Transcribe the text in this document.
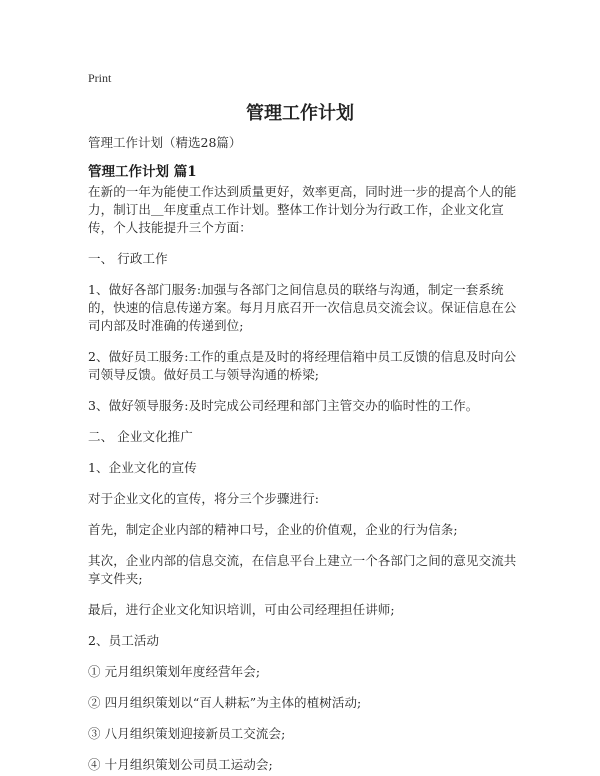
Print
管理工作计划

管理工作计划（精选28篇）

管理工作计划 篇1

在新的一年为能使工作达到质量更好，效率更高，同时进一步的提高个人的能力，制订出＿年度重点工作计划。整体工作计划分为行政工作，企业文化宣传，个人技能提升三个方面：

一、 行政工作

1、做好各部门服务:加强与各部门之间信息员的联络与沟通，制定一套系统的，快速的信息传递方案。每月月底召开一次信息员交流会议。保证信息在公司内部及时准确的传递到位;

2、做好员工服务:工作的重点是及时的将经理信箱中员工反馈的信息及时向公司领导反馈。做好员工与领导沟通的桥梁;

3、做好领导服务:及时完成公司经理和部门主管交办的临时性的工作。

二、 企业文化推广

1、企业文化的宣传

对于企业文化的宣传，将分三个步骤进行:

首先，制定企业内部的精神口号，企业的价值观，企业的行为信条;

其次，企业内部的信息交流，在信息平台上建立一个各部门之间的意见交流共享文件夹;

最后，进行企业文化知识培训，可由公司经理担任讲师;

2、员工活动

① 元月组织策划年度经营年会;

② 四月组织策划以“百人耕耘”为主体的植树活动;

③ 八月组织策划迎接新员工交流会;

④ 十月组织策划公司员工运动会;
